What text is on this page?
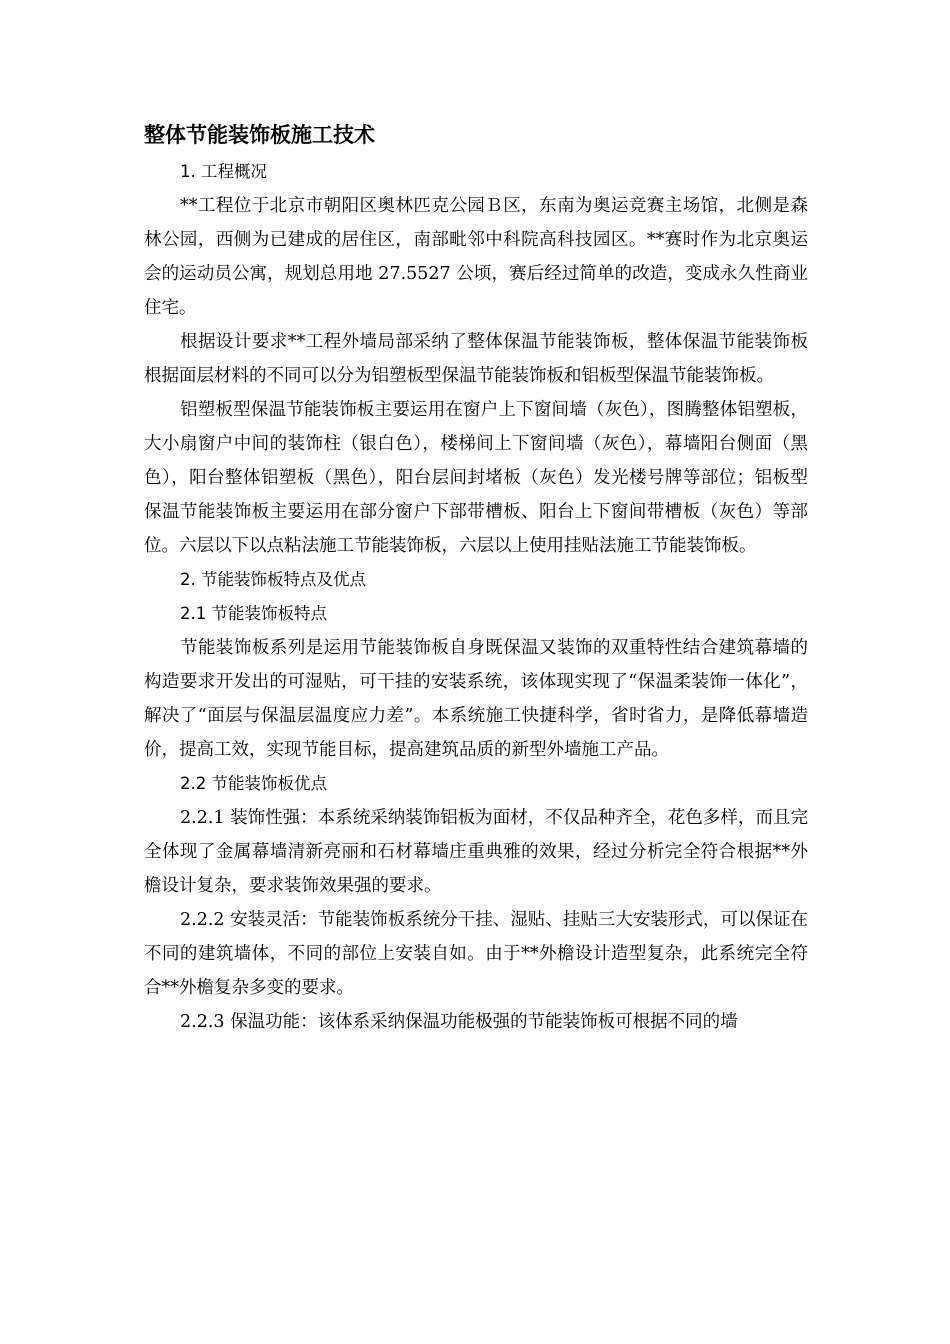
整体节能装饰板施工技术

1. 工程概况

**工程位于北京市朝阳区奥林匹克公园Ｂ区，东南为奥运竞赛主场馆，北侧是森林公园，西侧为已建成的居住区，南部毗邻中科院高科技园区。**赛时作为北京奥运会的运动员公寓，规划总用地 27.5527 公顷，赛后经过简单的改造，变成永久性商业住宅。

根据设计要求**工程外墙局部采纳了整体保温节能装饰板，整体保温节能装饰板根据面层材料的不同可以分为铝塑板型保温节能装饰板和铝板型保温节能装饰板。

铝塑板型保温节能装饰板主要运用在窗户上下窗间墙（灰色），图腾整体铝塑板，大小扇窗户中间的装饰柱（银白色），楼梯间上下窗间墙（灰色），幕墙阳台侧面（黑色），阳台整体铝塑板（黑色），阳台层间封堵板（灰色）发光楼号牌等部位；铝板型保温节能装饰板主要运用在部分窗户下部带槽板、阳台上下窗间带槽板（灰色）等部位。六层以下以点粘法施工节能装饰板，六层以上使用挂贴法施工节能装饰板。

2. 节能装饰板特点及优点

2.1 节能装饰板特点

节能装饰板系列是运用节能装饰板自身既保温又装饰的双重特性结合建筑幕墙的构造要求开发出的可湿贴，可干挂的安装系统，该体现实现了“保温柔装饰一体化”，解决了“面层与保温层温度应力差”。本系统施工快捷科学，省时省力，是降低幕墙造价，提高工效，实现节能目标，提高建筑品质的新型外墙施工产品。

2.2 节能装饰板优点

2.2.1 装饰性强：本系统采纳装饰铝板为面材，不仅品种齐全，花色多样，而且完全体现了金属幕墙清新亮丽和石材幕墙庄重典雅的效果，经过分析完全符合根据**外檐设计复杂，要求装饰效果强的要求。

2.2.2 安装灵活：节能装饰板系统分干挂、湿贴、挂贴三大安装形式，可以保证在不同的建筑墙体，不同的部位上安装自如。由于**外檐设计造型复杂，此系统完全符合**外檐复杂多变的要求。

2.2.3 保温功能：该体系采纳保温功能极强的节能装饰板可根据不同的墙
